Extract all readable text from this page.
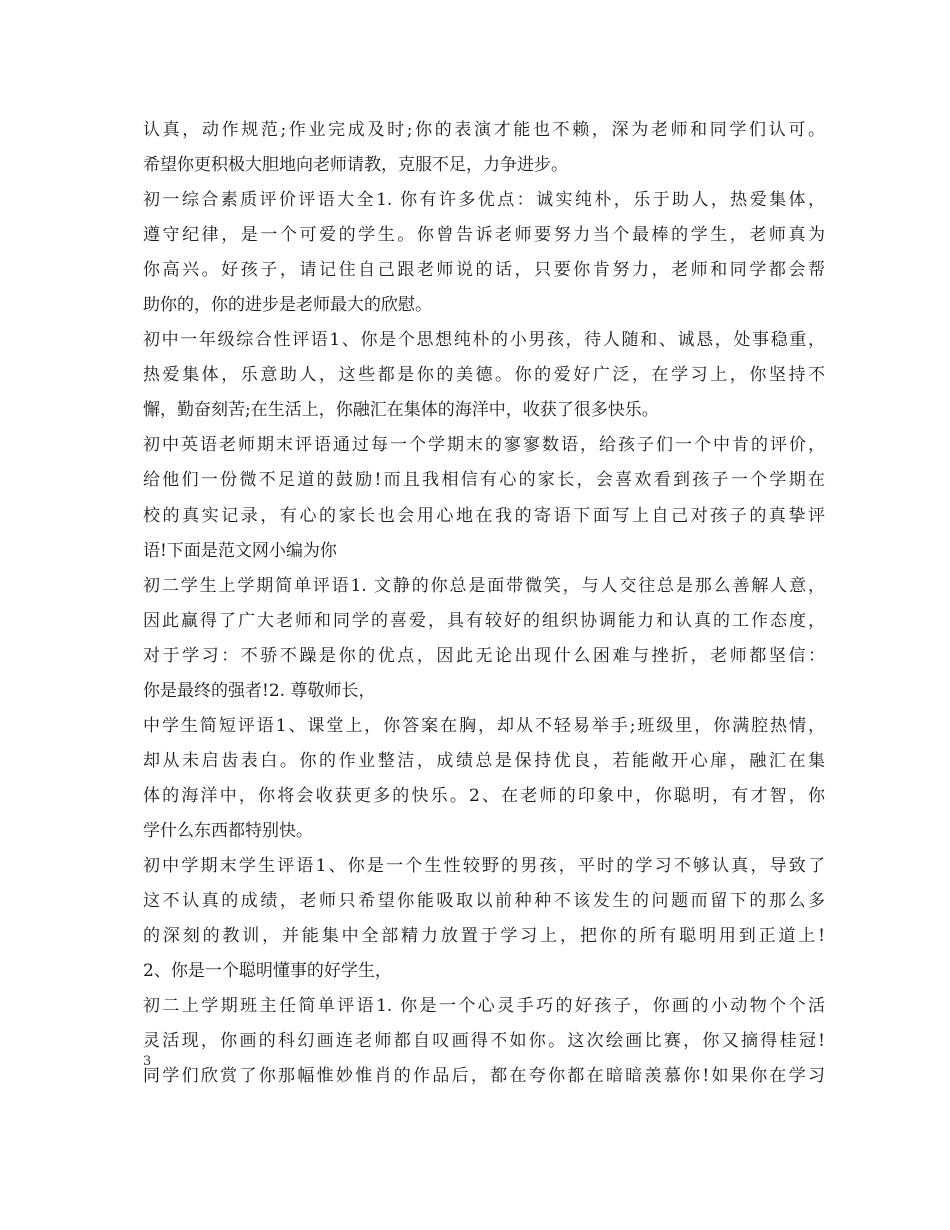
认真，动作规范;作业完成及时;你的表演才能也不赖，深为老师和同学们认可。
希望你更积极大胆地向老师请教，克服不足，力争进步。
初一综合素质评价评语大全1. 你有许多优点：诚实纯朴，乐于助人，热爱集体，
遵守纪律，是一个可爱的学生。你曾告诉老师要努力当个最棒的学生，老师真为
你高兴。好孩子，请记住自己跟老师说的话，只要你肯努力，老师和同学都会帮
助你的，你的进步是老师最大的欣慰。
初中一年级综合性评语1、你是个思想纯朴的小男孩，待人随和、诚恳，处事稳重，
热爱集体，乐意助人，这些都是你的美德。你的爱好广泛，在学习上，你坚持不
懈，勤奋刻苦;在生活上，你融汇在集体的海洋中，收获了很多快乐。
初中英语老师期末评语通过每一个学期末的寥寥数语，给孩子们一个中肯的评价，
给他们一份微不足道的鼓励!而且我相信有心的家长，会喜欢看到孩子一个学期在
校的真实记录，有心的家长也会用心地在我的寄语下面写上自己对孩子的真挚评
语!下面是范文网小编为你
初二学生上学期简单评语1. 文静的你总是面带微笑，与人交往总是那么善解人意，
因此赢得了广大老师和同学的喜爱，具有较好的组织协调能力和认真的工作态度，
对于学习：不骄不躁是你的优点，因此无论出现什么困难与挫折，老师都坚信：
你是最终的强者!2. 尊敬师长，
中学生简短评语1、课堂上，你答案在胸，却从不轻易举手;班级里，你满腔热情，
却从未启齿表白。你的作业整洁，成绩总是保持优良，若能敞开心扉，融汇在集
体的海洋中，你将会收获更多的快乐。2、在老师的印象中，你聪明，有才智，你
学什么东西都特别快。
初中学期末学生评语1、你是一个生性较野的男孩，平时的学习不够认真，导致了
这不认真的成绩，老师只希望你能吸取以前种种不该发生的问题而留下的那么多
的深刻的教训，并能集中全部精力放置于学习上，把你的所有聪明用到正道上!
2、你是一个聪明懂事的好学生，
初二上学期班主任简单评语1. 你是一个心灵手巧的好孩子，你画的小动物个个活
灵活现，你画的科幻画连老师都自叹画得不如你。这次绘画比赛，你又摘得桂冠!
同学们欣赏了你那幅惟妙惟肖的作品后，都在夸你都在暗暗羡慕你!如果你在学习
3
